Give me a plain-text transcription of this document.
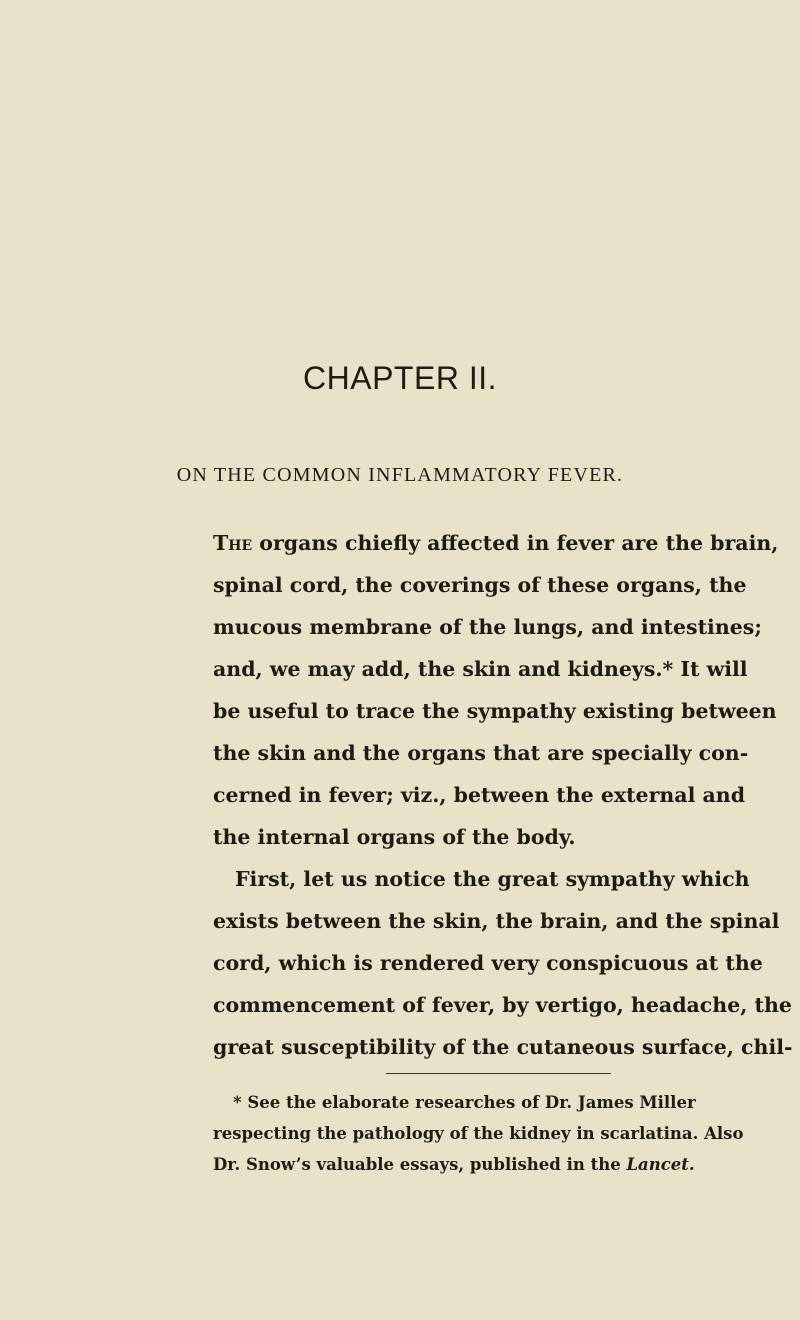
CHAPTER II.
ON THE COMMON INFLAMMATORY FEVER.
The organs chiefly affected in fever are the brain,
spinal cord, the coverings of these organs, the
mucous membrane of the lungs, and intestines;
and, we may add, the skin and kidneys.* It will
be useful to trace the sympathy existing between
the skin and the organs that are specially con-
cerned in fever; viz., between the external and
the internal organs of the body.
First, let us notice the great sympathy which
exists between the skin, the brain, and the spinal
cord, which is rendered very conspicuous at the
commencement of fever, by vertigo, headache, the
great susceptibility of the cutaneous surface, chil-
* See the elaborate researches of Dr. James Miller
respecting the pathology of the kidney in scarlatina. Also
Dr. Snow’s valuable essays, published in the Lancet.
